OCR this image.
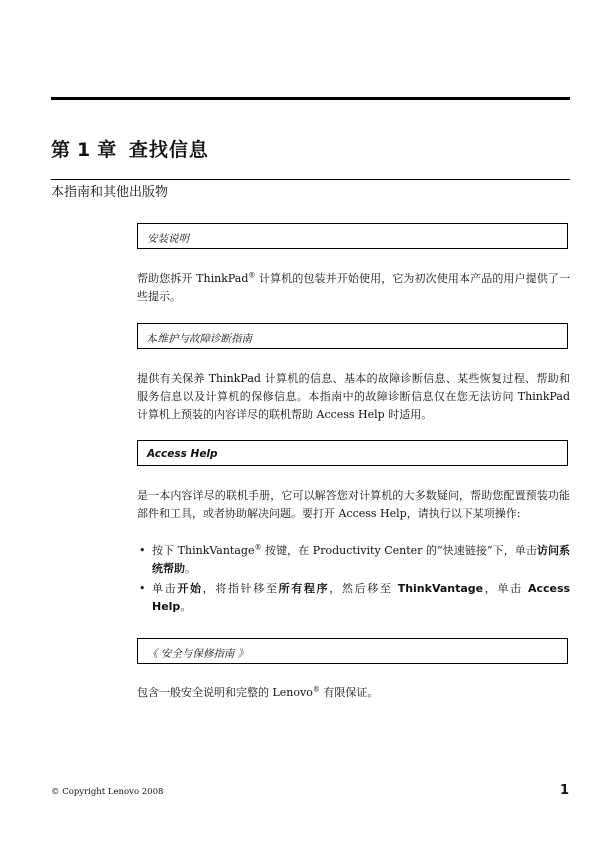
第 1 章 查找信息
本指南和其他出版物
安装说明
帮助您拆开 ThinkPad® 计算机的包装并开始使用，它为初次使用本产品的用户提供了一些提示。
本维护与故障诊断指南
提供有关保养 ThinkPad 计算机的信息、基本的故障诊断信息、某些恢复过程、帮助和服务信息以及计算机的保修信息。本指南中的故障诊断信息仅在您无法访问 ThinkPad 计算机上预装的内容详尽的联机帮助 Access Help 时适用。
Access Help
是一本内容详尽的联机手册，它可以解答您对计算机的大多数疑问，帮助您配置预装功能部件和工具，或者协助解决问题。要打开 Access Help，请执行以下某项操作:
• 按下 ThinkVantage® 按键，在 Productivity Center 的“快速链接”下，单击访问系统帮助。
• 单击开始，将指针移至所有程序，然后移至 ThinkVantage，单击 Access Help。
《 安全与保修指南 》
包含一般安全说明和完整的 Lenovo® 有限保证。
© Copyright Lenovo 2008	1
